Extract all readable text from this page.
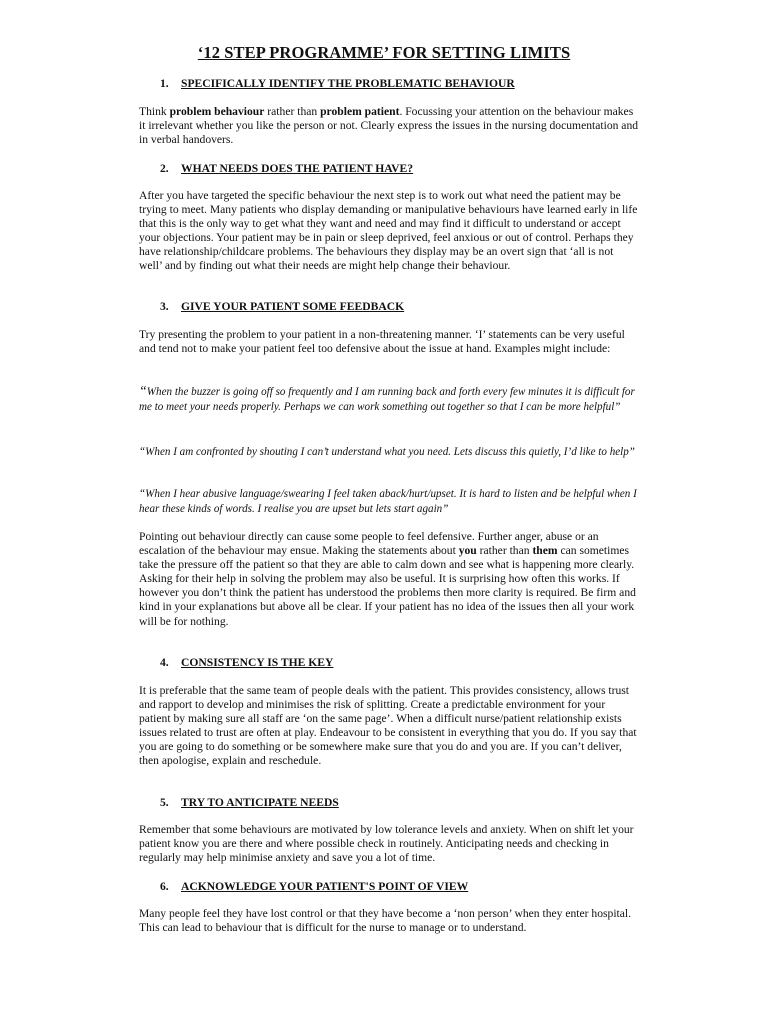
‘12 STEP PROGRAMME’ FOR SETTING LIMITS
1. SPECIFICALLY IDENTIFY THE PROBLEMATIC BEHAVIOUR

Think problem behaviour rather than problem patient. Focussing your attention on the behaviour makes it irrelevant whether you like the person or not. Clearly express the issues in the nursing documentation and in verbal handovers.

2. WHAT NEEDS DOES THE PATIENT HAVE?

After you have targeted the specific behaviour the next step is to work out what need the patient may be trying to meet. Many patients who display demanding or manipulative behaviours have learned early in life that this is the only way to get what they want and need and may find it difficult to understand or accept your objections. Your patient may be in pain or sleep deprived, feel anxious or out of control. Perhaps they have relationship/childcare problems. The behaviours they display may be an overt sign that ‘all is not well’ and by finding out what their needs are might help change their behaviour.

3. GIVE YOUR PATIENT SOME FEEDBACK

Try presenting the problem to your patient in a non-threatening manner. ‘I’ statements can be very useful and tend not to make your patient feel too defensive about the issue at hand. Examples might include:

“When the buzzer is going off so frequently and I am running back and forth every few minutes it is difficult for me to meet your needs properly. Perhaps we can work something out together so that I can be more helpful”

“When I am confronted by shouting I can’t understand what you need. Lets discuss this quietly, I’d like to help”

“When I hear abusive language/swearing I feel taken aback/hurt/upset. It is hard to listen and be helpful when I hear these kinds of words. I realise you are upset but lets start again”

Pointing out behaviour directly can cause some people to feel defensive. Further anger, abuse or an escalation of the behaviour may ensue. Making the statements about you rather than them can sometimes take the pressure off the patient so that they are able to calm down and see what is happening more clearly. Asking for their help in solving the problem may also be useful. It is surprising how often this works. If however you don’t think the patient has understood the problems then more clarity is required. Be firm and kind in your explanations but above all be clear. If your patient has no idea of the issues then all your work will be for nothing.

4. CONSISTENCY IS THE KEY

It is preferable that the same team of people deals with the patient. This provides consistency, allows trust and rapport to develop and minimises the risk of splitting. Create a predictable environment for your patient by making sure all staff are ‘on the same page’. When a difficult nurse/patient relationship exists issues related to trust are often at play. Endeavour to be consistent in everything that you do. If you say that you are going to do something or be somewhere make sure that you do and you are. If you can’t deliver, then apologise, explain and reschedule.

5. TRY TO ANTICIPATE NEEDS

Remember that some behaviours are motivated by low tolerance levels and anxiety. When on shift let your patient know you are there and where possible check in routinely. Anticipating needs and checking in regularly may help minimise anxiety and save you a lot of time.

6. ACKNOWLEDGE YOUR PATIENT'S POINT OF VIEW

Many people feel they have lost control or that they have become a ‘non person’ when they enter hospital. This can lead to behaviour that is difficult for the nurse to manage or to understand.
